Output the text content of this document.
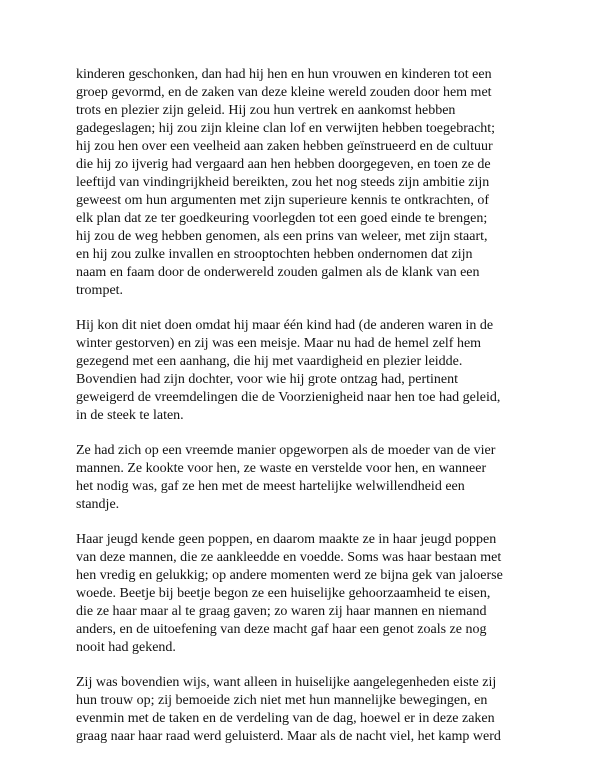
kinderen geschonken, dan had hij hen en hun vrouwen en kinderen tot een
groep gevormd, en de zaken van deze kleine wereld zouden door hem met
trots en plezier zijn geleid. Hij zou hun vertrek en aankomst hebben
gadegeslagen; hij zou zijn kleine clan lof en verwijten hebben toegebracht;
hij zou hen over een veelheid aan zaken hebben geïnstrueerd en de cultuur
die hij zo ijverig had vergaard aan hen hebben doorgegeven, en toen ze de
leeftijd van vindingrijkheid bereikten, zou het nog steeds zijn ambitie zijn
geweest om hun argumenten met zijn superieure kennis te ontkrachten, of
elk plan dat ze ter goedkeuring voorlegden tot een goed einde te brengen;
hij zou de weg hebben genomen, als een prins van weleer, met zijn staart,
en hij zou zulke invallen en strooptochten hebben ondernomen dat zijn
naam en faam door de onderwereld zouden galmen als de klank van een
trompet.

Hij kon dit niet doen omdat hij maar één kind had (de anderen waren in de
winter gestorven) en zij was een meisje. Maar nu had de hemel zelf hem
gezegend met een aanhang, die hij met vaardigheid en plezier leidde.
Bovendien had zijn dochter, voor wie hij grote ontzag had, pertinent
geweigerd de vreemdelingen die de Voorzienigheid naar hen toe had geleid,
in de steek te laten.

Ze had zich op een vreemde manier opgeworpen als de moeder van de vier
mannen. Ze kookte voor hen, ze waste en verstelde voor hen, en wanneer
het nodig was, gaf ze hen met de meest hartelijke welwillendheid een
standje.

Haar jeugd kende geen poppen, en daarom maakte ze in haar jeugd poppen
van deze mannen, die ze aankleedde en voedde. Soms was haar bestaan met
hen vredig en gelukkig; op andere momenten werd ze bijna gek van jaloerse
woede. Beetje bij beetje begon ze een huiselijke gehoorzaamheid te eisen,
die ze haar maar al te graag gaven; zo waren zij haar mannen en niemand
anders, en de uitoefening van deze macht gaf haar een genot zoals ze nog
nooit had gekend.

Zij was bovendien wijs, want alleen in huiselijke aangelegenheden eiste zij
hun trouw op; zij bemoeide zich niet met hun mannelijke bewegingen, en
evenmin met de taken en de verdeling van de dag, hoewel er in deze zaken
graag naar haar raad werd geluisterd. Maar als de nacht viel, het kamp werd
